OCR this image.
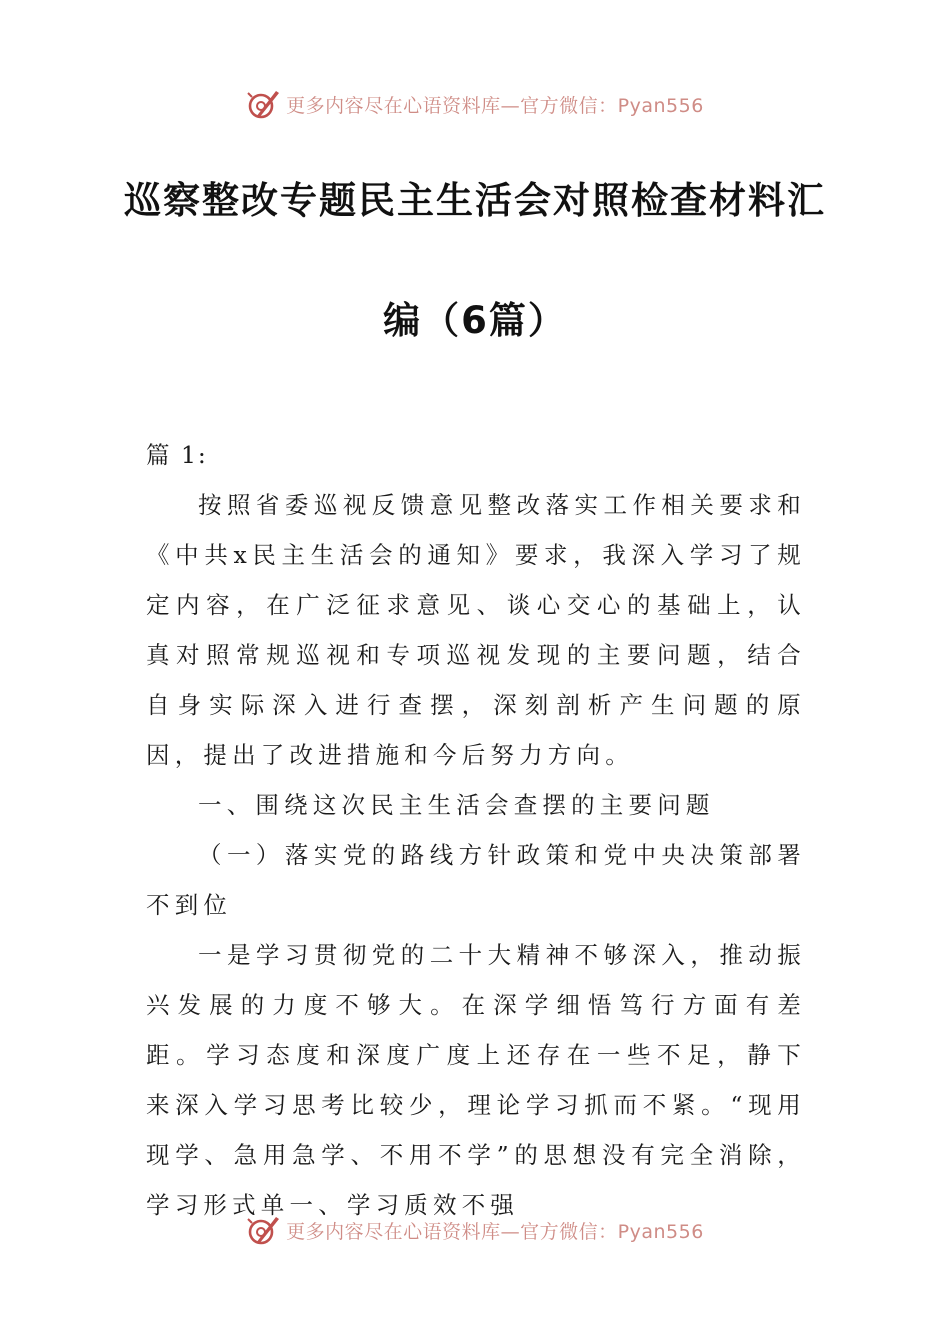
更多内容尽在心语资料库—官方微信：Pyan556
巡察整改专题民主生活会对照检查材料汇
编（6篇）

篇 1:

按照省委巡视反馈意见整改落实工作相关要求和《中共x民主生活会的通知》要求，我深入学习了规定内容，在广泛征求意见、谈心交心的基础上，认真对照常规巡视和专项巡视发现的主要问题，结合自身实际深入进行查摆，深刻剖析产生问题的原因，提出了改进措施和今后努力方向。

一、围绕这次民主生活会查摆的主要问题

（一）落实党的路线方针政策和党中央决策部署不到位

一是学习贯彻党的二十大精神不够深入，推动振兴发展的力度不够大。在深学细悟笃行方面有差距。学习态度和深度广度上还存在一些不足，静下来深入学习思考比较少，理论学习抓而不紧。“现用现学、急用急学、不用不学”的思想没有完全消除，学习形式单一、学习质效不强

更多内容尽在心语资料库—官方微信：Pyan556
